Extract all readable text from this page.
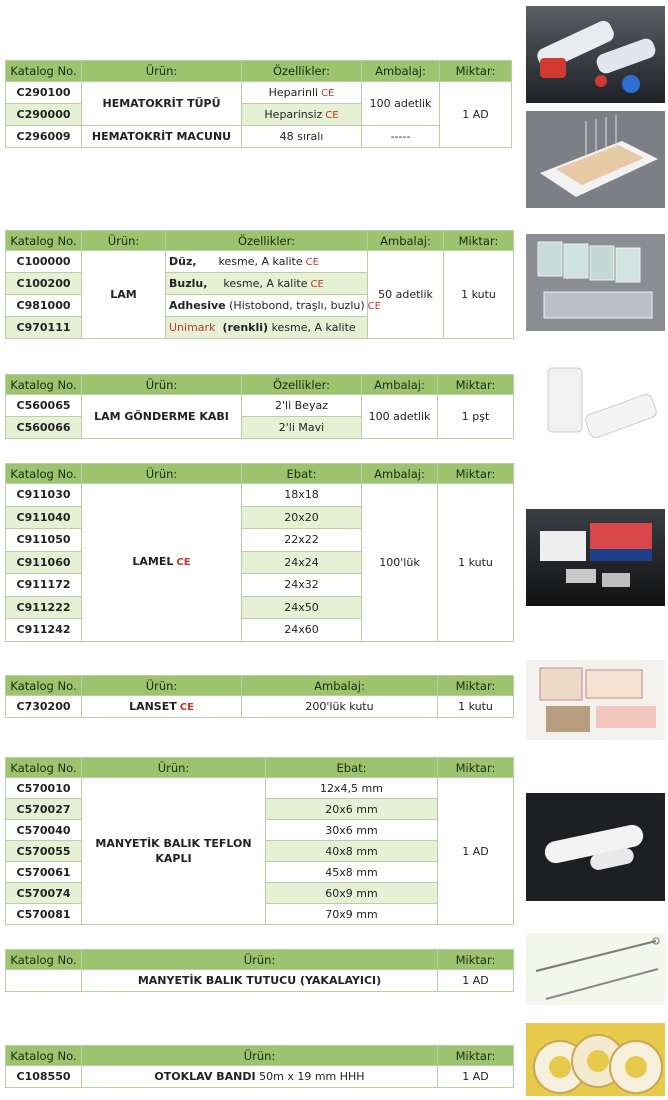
Katalog No.	Ürün:	Özellikler:	Ambalaj:	Miktar:
C290100	HEMATOKRİT TÜPÜ	Heparinli CE	100 adetlik	1 AD
C290000		Heparinsiz CE		
C296009	HEMATOKRİT MACUNU	48 sıralı	-----	
Katalog No.	Ürün:	Özellikler:	Ambalaj:	Miktar:
C100000	LAM	Düz, kesme, A kalite CE	50 adetlik	1 kutu
C100200		Buzlu, kesme, A kalite CE		
C981000		Adhesive (Histobond, traşlı, buzlu) CE		
C970111		Unimark (renkli) kesme, A kalite		
Katalog No.	Ürün:	Özellikler:	Ambalaj:	Miktar:
C560065	LAM GÖNDERME KABI	2'li Beyaz	100 adetlik	1 pşt
C560066		2'li Mavi		
Katalog No.	Ürün:	Ebat:	Ambalaj:	Miktar:
C911030	LAMEL CE	18x18	100'lük	1 kutu
C911040		20x20		
C911050		22x22		
C911060		24x24		
C911172		24x32		
C911222		24x50		
C911242		24x60		
Katalog No.	Ürün:	Ambalaj:	Miktar:
C730200	LANSET CE	200'lük kutu	1 kutu
Katalog No.	Ürün:	Ebat:	Miktar:
C570010	MANYETİK BALIK TEFLON KAPLI	12x4,5 mm	1 AD
C570027		20x6 mm	
C570040		30x6 mm	
C570055		40x8 mm	
C570061		45x8 mm	
C570074		60x9 mm	
C570081		70x9 mm	
Katalog No.	Ürün:	Miktar:
	MANYETİK BALIK TUTUCU (YAKALAYICI)	1 AD
Katalog No.	Ürün:	Miktar:
C108550	OTOKLAV BANDI 50m x 19 mm HHH	1 AD
